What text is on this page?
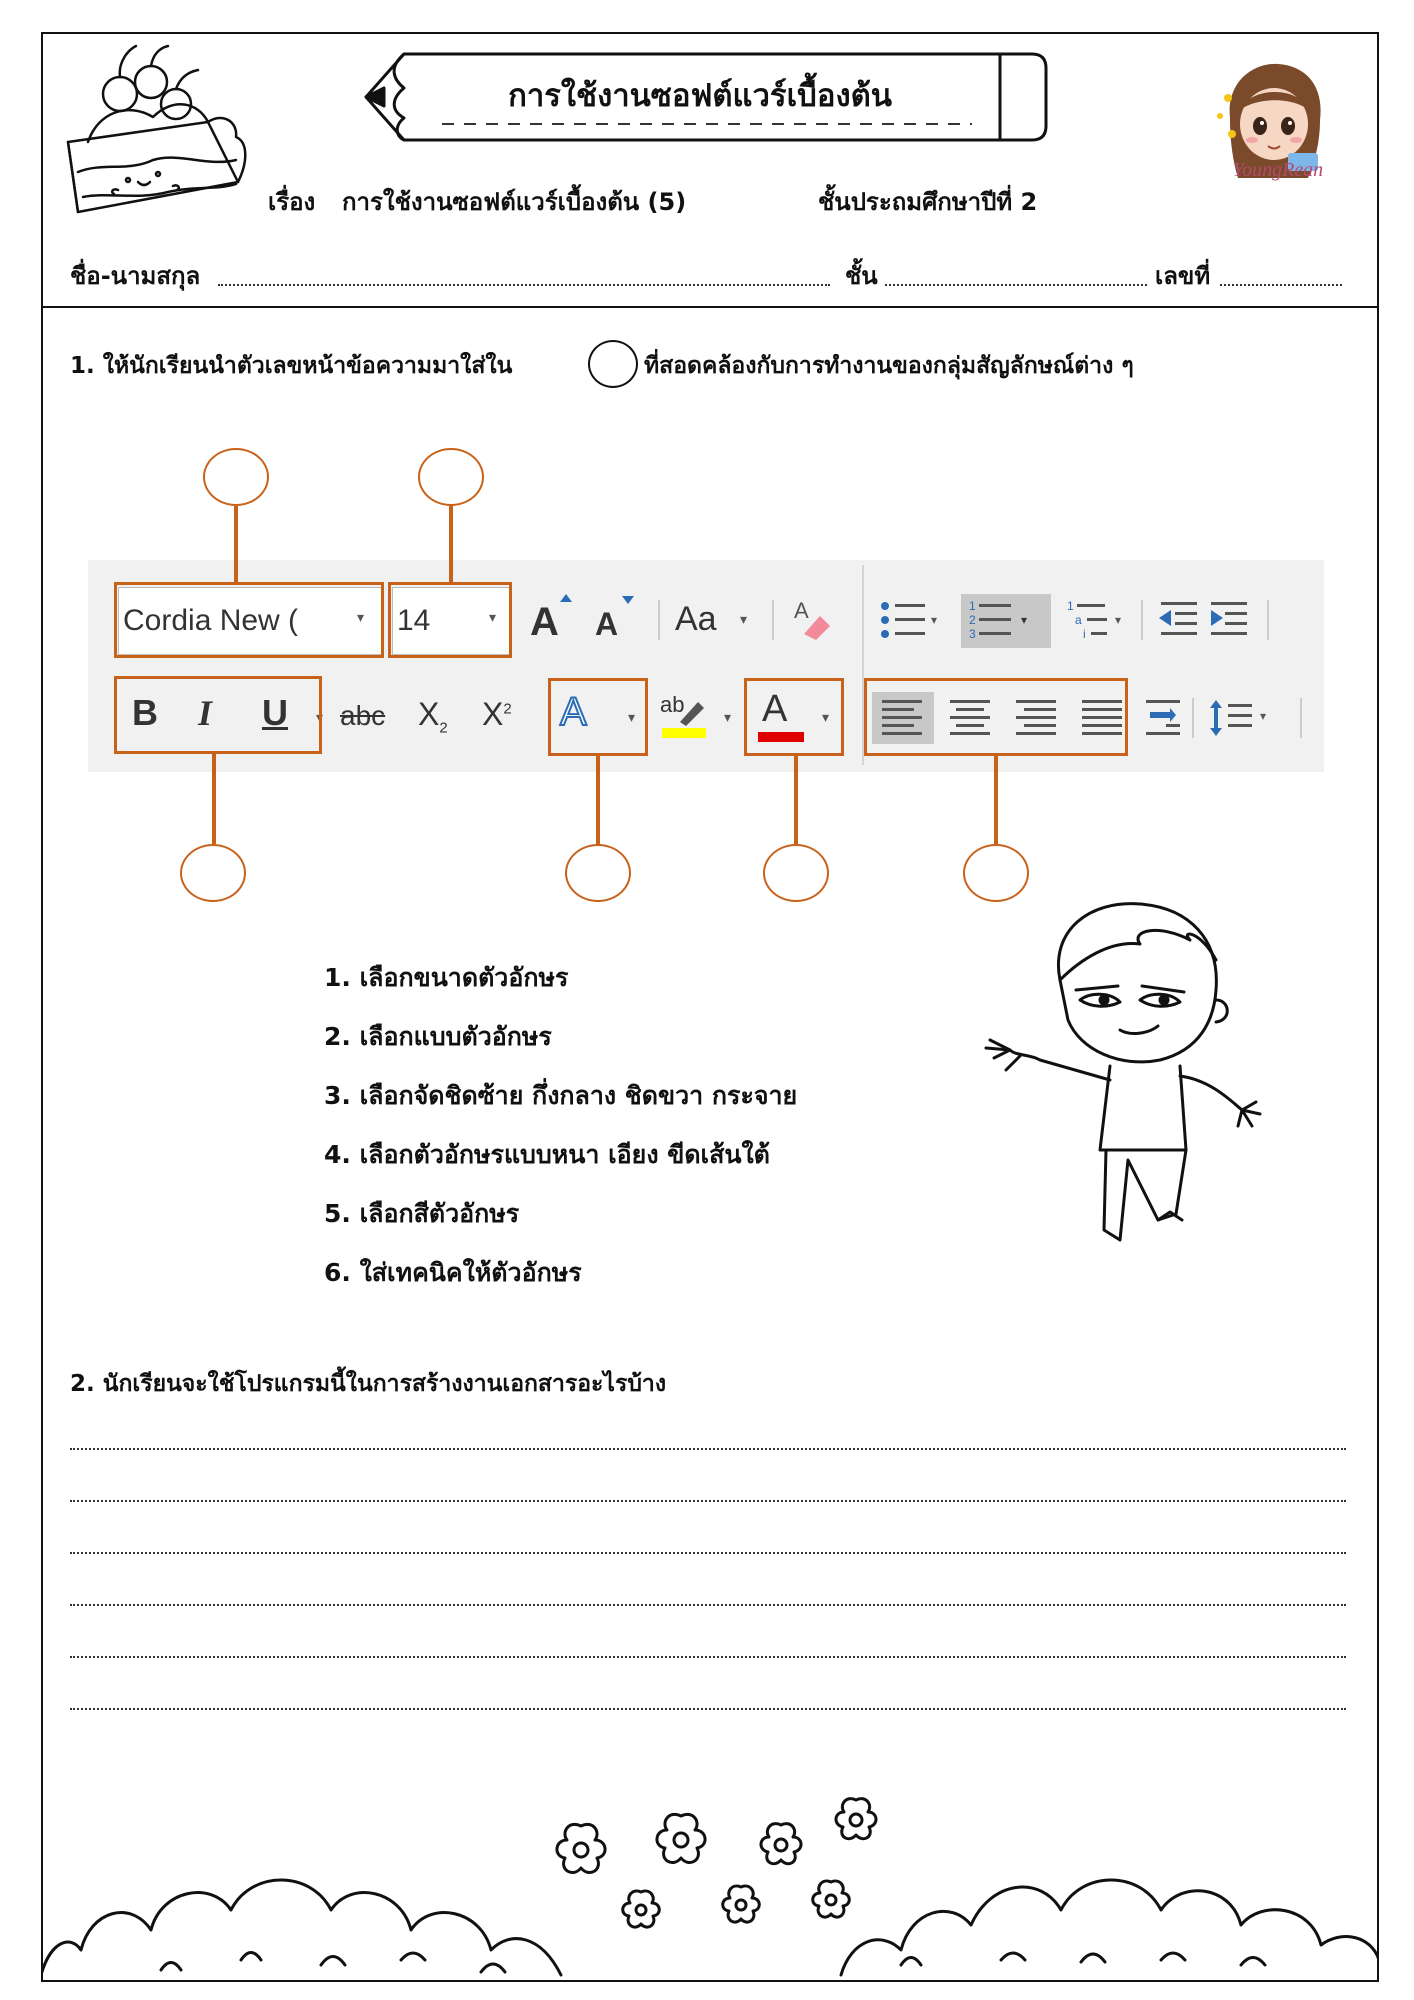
การใช้งานซอฟต์แวร์เบื้องต้น
YoungRean
เรื่อง การใช้งานซอฟต์แวร์เบื้องต้น (5)	ชั้นประถมศึกษาปีที่ 2
ชื่อ-นามสกุล	ชั้น	เลขที่
1. ให้นักเรียนนำตัวเลขหน้าข้อความมาใส่ใน	ที่สอดคล้องกับการทำงานของกลุ่มสัญลักษณ์ต่าง ๆ
Cordia New (	▾ 14	▾ A A Aa ▾ A	▾
1
2
3
▾
1
a
i
▾
B I U ▾ abc $X_2$ $X^2$ A	▾
ab
▾ A ▾	▾
1. เลือกขนาดตัวอักษร
2. เลือกแบบตัวอักษร
3. เลือกจัดชิดซ้าย กึ่งกลาง ชิดขวา กระจาย
4. เลือกตัวอักษรแบบหนา เอียง ขีดเส้นใต้
5. เลือกสีตัวอักษร
6. ใส่เทคนิคให้ตัวอักษร
2. นักเรียนจะใช้โปรแกรมนี้ในการสร้างงานเอกสารอะไรบ้าง
